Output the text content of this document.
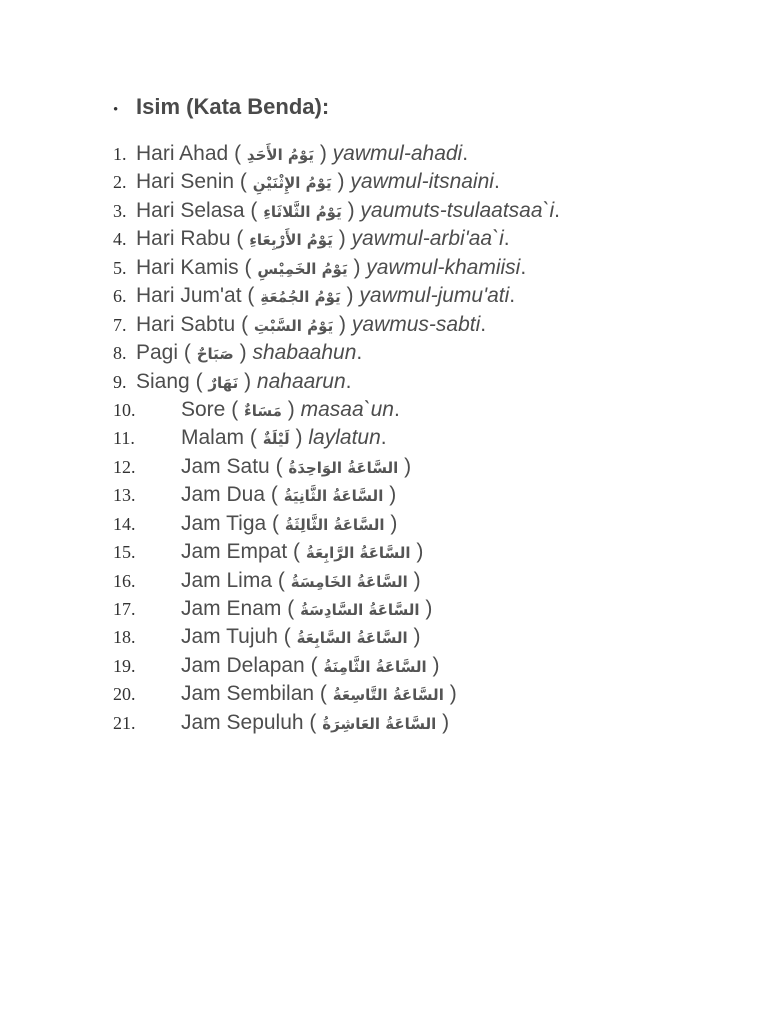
• Isim (Kata Benda):
1. Hari Ahad ( يَوْمُ الأَحَدِ ) yawmul-ahadi.
2. Hari Senin ( يَوْمُ الإِثْنَيْنِ ) yawmul-itsnaini.
3. Hari Selasa ( يَوْمُ الثَّلاثَاءِ ) yaumuts-tsulaatsaa`i.
4. Hari Rabu ( يَوْمُ الأَرْبِعَاءِ ) yawmul-arbi'aa`i.
5. Hari Kamis ( يَوْمُ الخَمِيْسِ ) yawmul-khamiisi.
6. Hari Jum'at ( يَوْمُ الجُمُعَةِ ) yawmul-jumu'ati.
7. Hari Sabtu ( يَوْمُ السَّبْتِ ) yawmus-sabti.
8. Pagi ( صَبَاحٌ ) shabaahun.
9. Siang ( نَهَارٌ ) nahaarun.
10. Sore ( مَسَاءٌ ) masaa`un.
11. Malam ( لَيْلَةٌ ) laylatun.
12. Jam Satu ( السَّاعَةُ الوَاحِدَةُ )
13. Jam Dua ( السَّاعَةُ الثَّانِيَةُ )
14. Jam Tiga ( السَّاعَةُ الثَّالِثَةُ )
15. Jam Empat ( السَّاعَةُ الرَّابِعَةُ )
16. Jam Lima ( السَّاعَةُ الخَامِسَةُ )
17. Jam Enam ( السَّاعَةُ السَّادِسَةُ )
18. Jam Tujuh ( السَّاعَةُ السَّابِعَةُ )
19. Jam Delapan ( السَّاعَةُ الثَّامِنَةُ )
20. Jam Sembilan ( السَّاعَةُ التَّاسِعَةُ )
21. Jam Sepuluh ( السَّاعَةُ العَاشِرَةُ )
